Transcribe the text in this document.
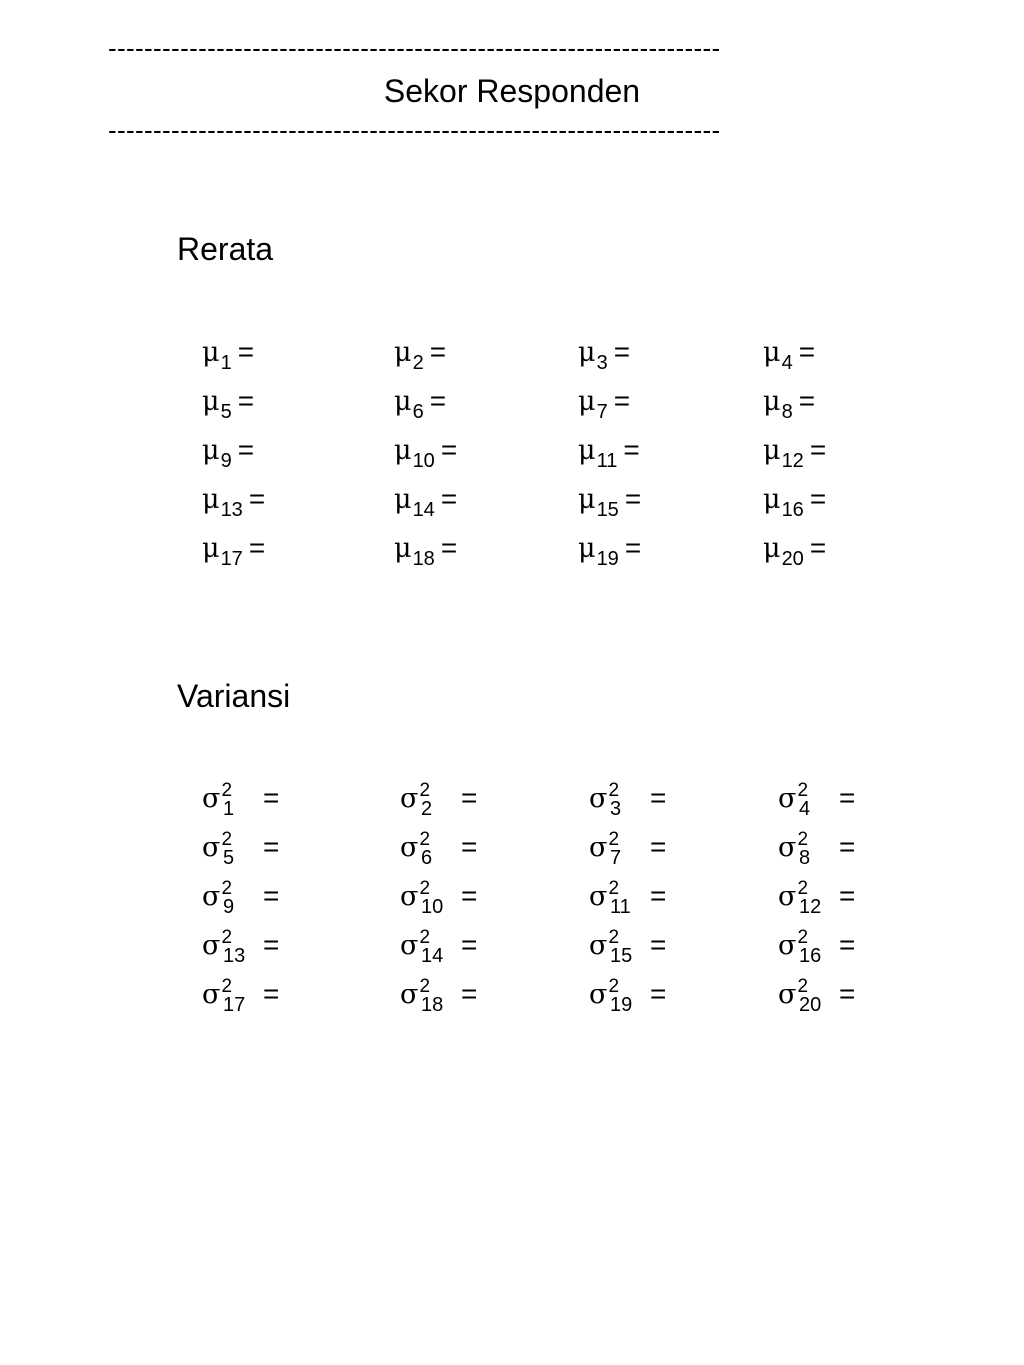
--------------------------------------------------------------------
Sekor Responden
--------------------------------------------------------------------
Rerata
$\mu_1$ =	$\mu_2$ =	$\mu_3$ =	$\mu_4$ =
$\mu_5$ =	$\mu_6$ =	$\mu_7$ =	$\mu_8$ =
$\mu_9$ =	$\mu_{10}$ =	$\mu_{11}$ =	$\mu_{12}$ =
$\mu_{13}$ =	$\mu_{14}$ =	$\mu_{15}$ =	$\mu_{16}$ =
$\mu_{17}$ =	$\mu_{18}$ =	$\mu_{19}$ =	$\mu_{20}$ =
Variansi
$\sigma^21$ =	$\sigma^22$ =	$\sigma^23$ =	$\sigma^24$ =
$\sigma^25$ =	$\sigma^26$ =	$\sigma^27$ =	$\sigma^28$ =
$\sigma^29$ =	$\sigma^210$ =	$\sigma^211$ =	$\sigma^212$ =
$\sigma^213$ =	$\sigma^214$ =	$\sigma^215$ =	$\sigma^216$ =
$\sigma^217$ =	$\sigma^218$ =	$\sigma^219$ =	$\sigma^220$ =
